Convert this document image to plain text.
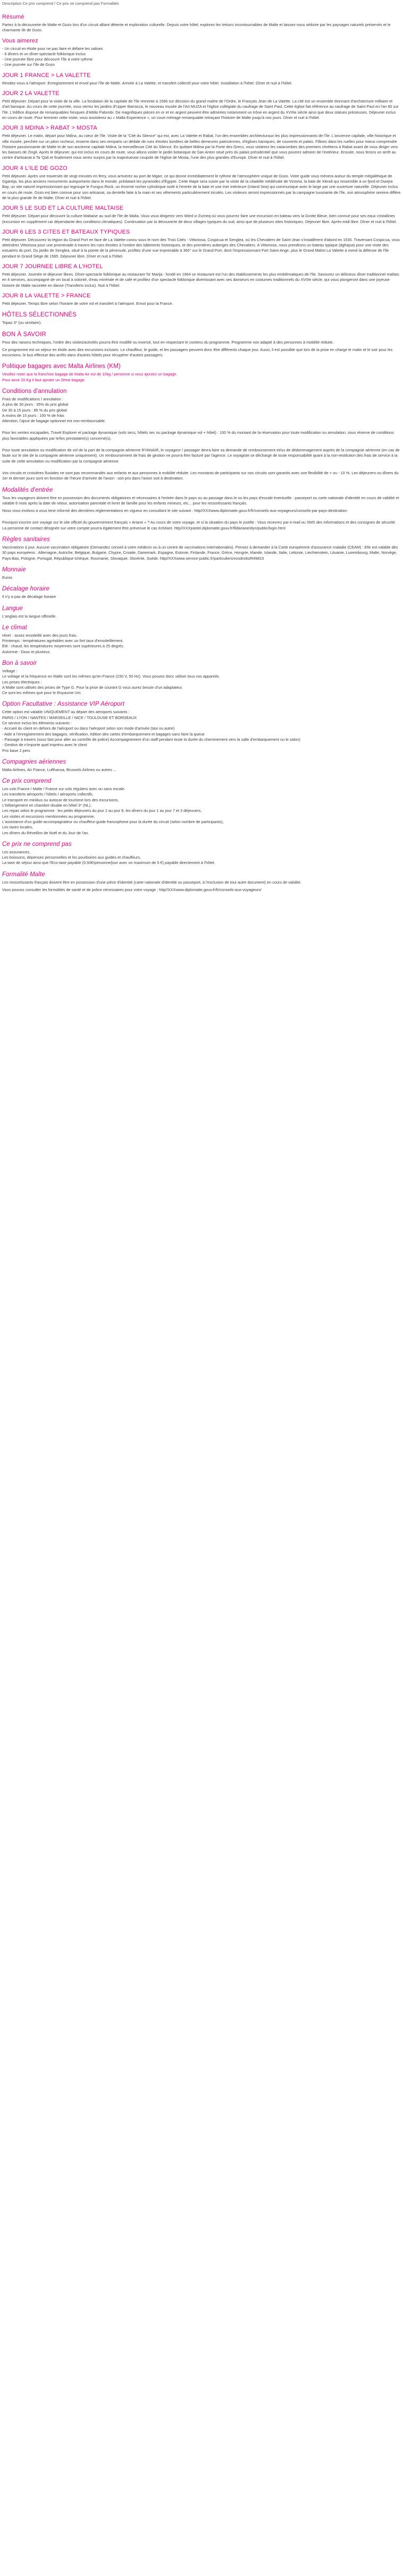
Description Ce prix comprend / Ce prix ne comprend pas Formalités

Résumé

Partez à la découverte de Malte et Gozo lors d'un circuit alliant détente et exploration culturelle. Depuis votre hôtel, explorez les trésors incontournables de Malte et laissez-vous séduire par les paysages naturels préservés et le charmante île de Gozo.

Vous aimerez
- Un circuit en étoile pour ne pas faire et défaire les valises
- 6 dîners et un dîner-spectacle folklorique inclus
- Une journée libre pour découvrir l'île à votre rythme
- Une journée sur l'île de Gozo
JOUR 1 FRANCE > LA VALETTE

Rendez-vous à l'aéroport. Enregistrement et envol pour l'île de Malte. Arrivée à La Valette, et transfert collectif pour votre hôtel. Installation à l'hôtel. Dîner et nuit à l'hôtel.

JOUR 2 LA VALETTE

Petit déjeuner. Départ pour la visite de la ville. La fondation de la capitale de l'île remonte à 1566 sur décision du grand maître de l'Ordre, le Français Jean de La Valette. La cité est un ensemble étonnant d'architecture militaire et d'art baroque. Au cours de cette journée, vous verrez les jardins d'Upper Barracca, le nouveau musée de l'Art MUZA et l'église collégiale du naufrage de Saint Paul. Cette église fait référence au naufrage de Saint Paul en l'an 60 sur l'île. L'édifice dispose de remarquables fresques d'Attilio Palombi. De magnifiques pièces en or et en argent peuvent être admirées notamment un trône en argent du XVIIIe siècle ainsi que deux statues précieuses. Déjeuner inclus en cours de route. Pour terminer cette visite, vous assisterez au « Malta Experience », un court métrage remarquable retraçant l'histoire de Malte jusqu'à nos jours. Dîner et nuit à l'hôtel.

JOUR 3 MDINA > RABAT > MOSTA

Petit déjeuner. Le matin, départ pour Mdina, au cœur de l'île. Visite de la "Cité du Silence" qui est, avec La Valette et Rabat, l'un des ensembles architecturaux les plus impressionnants de l'île. L'ancienne capitale, ville historique et ville musée, perchée sur un piton rocheux, enserre dans ses remparts un dédale de rues étroites bordées de belles demeures patriciennes, d'églises baroques, de couvents et palais. Flânez dans les ruelles pour mieux comprendre l'histoire passionnante de Malte et de son ancienne capitale Mdina, la merveilleuse Cité du Silence. En quittant Mdina par la Porte des Grecs, vous visiterez les catacombes des premiers chrétiens à Rabat avant de vous diriger vers les baisses de Zingli. Après le déjeuner, qui est inclus en cours de route, vous allons visiter le jardin botanique de San Anton situé près du palais présidentiel que vous pourrez admirer de l'extérieur. Ensuite, nous ferons un arrêt au centre d'artisanat à Ta 'Qali et finalement nous serez surpris par la majestueuse coupole de l'église de Mosta, l'une des plus grandes d'Europe. Dîner et nuit à l'hôtel.

JOUR 4 L'ILE DE GOZO

Petit déjeuner. Après une traversée de vingt minutes en ferry, vous arriverez au port de Mgarr, ce qui donne immédiatement le rythme de l'atmosphère unique de Gozo. Votre guide vous mènera autour du temple mégalithique de Ggantija, les plus anciens monuments autoportants dans le monde, prédatant les pyramides d'Égypte. Cette étape sera suivie par la visite de la citadelle médiévale de Victoria, la baie de Xlendi qui ressemble à un fjord et Dwejra Bay, un site naturel impressionnant qui regroupe le Fungus Rock, un énorme rocher cylindrique isolé à l'entrée de la baie et une mer intérieure (Inland Sea) qui communique avec le large par une ouverture naturelle. Déjeuner inclus en cours de route. Gozo est bien connue pour son artisanat, sa dentelle faite à la main et ses vêtements particulièrement tricotés. Les visiteurs seront impressionnés par la campagne luxuriante de l'île, son atmosphère sereine différe de la plus grande île de Malte. Dîner et nuit à l'hôtel.

JOUR 5 LE SUD ET LA CULTURE MALTAISE

Petit déjeuner. Départ pour découvrir la culture Maltaise au sud de l'île de Malta. Vous vous dirigerez vers Wied iz-Zurrieq où vous pourrez faire une excursion en bateau vers la Grotte Bleue, bien connue pour ses eaux cristallines (excursion en supplément car dépendante des conditions climatiques). Continuation par la découverte de deux villages typiques du sud, ainsi que de plusieurs sites historiques. Déjeuner libre. Après-midi libre. Dîner et nuit à l'hôtel.

JOUR 6 LES 3 CITES ET BATEAUX TYPIQUES

Petit déjeuner. Découvrez la région du Grand Port en face de La Valette connu sous le nom des Trois Cités - Vittoriosa, Cospicua et Senglea, où les Chevaliers de Saint-Jean s'installèrent d'abord en 1530. Traversant Cospicua, vous atteindrez Vittoriosa pour une promenade à travers les rues étroites à l'ombre des bâtiments historiques, et des premières auberges des Chevaliers. A Vittoriosa, nous prendrons un bateau typique (dghajsa) pour une visite des estuaires du port. Du jardin de Senglea, situé à la pointe de la péninsule, profitez d'une vue imprenable à 360° sur le Grand Port, dont l'impressionnant Fort Saint-Ange, plus le Grand Malmi La Valette à mené la défense de l'île pendant le Grand Siège de 1565. Déjeuner libre. Dîner et nuit à l'hôtel.

JOUR 7 JOURNEE LIBRE A L'HOTEL

Petit déjeuner. Journée et déjeuner libres. Dîner-spectacle folklorique au restaurant Ta' Marija - fondé en 1964 ce restaurant est l'un des établissements les plus emblématiques de l'île. Savourez un délicieux dîner traditionnel maltais en 4 services, accompagné de vin local à volonté, d'eau minérale et de café et profitez d'un spectacle folklorique divertissant avec ses danseurs en costumes traditionnels du XVIIIe siècle, qui vous plongeront dans une joyeuse histoire de Malte racontée en danse (Transferts inclus). Nuit à l'hôtel.

JOUR 8 LA VALETTE > FRANCE

Petit déjeuner. Temps libre selon l'horaire de votre vol et transfert à l'aéroport. Envol pour la France.

HÔTELS SÉLECTIONNÉS

Topaz 3* (ou similaire).

BON À SAVOIR

Pour des raisons techniques, l'ordre des visites/activités pourra être modifié ou inversé, tout en respectant le contenu du programme. Programme non adapté à des personnes à mobilité réduite.

Ce programme est un séjour en étoile avec des excursions incluses. Le chauffeur, le guide, et les passagers peuvent donc être différents chaque jour. Aussi, il est possible que lors de la prise en charge le matin et le soir pour les excursions, le bus effectue des arrêts dans d'autres hôtels pour récupérer d'autres passagers.

Politique bagages avec Malta Airlines (KM)

Veuillez noter que la franchise bagage de Malta Air est de 10kg / personne si vous ajoutez un bagage.

Pour avoir 20 Kg il faut ajouter un 2ème bagage.

Conditions d'annulation

Frais de modifications / annulation :

A plus de 30 jours : 35% du prix global

De 30 à 15 jours : 85 % du prix global

A moins de 15 jours : 100 % de frais

Attention, l'ajout de bagage optionnel est non-remboursable.

Pour les ventes escapades, Travel Explorer et package dynamique (vols secs, hôtels sec ou package dynamique vol + hôtel) : 100 % du montant de la réservation pour toute modification ou annulation, sous réserve de conditions plus favorables appliquées par le/les prestataire(s) concerné(s).

Pour toute annulation ou modification de vol de la part de la compagnie aérienne RYANAIR, le voyageur / passager devra faire sa demande de remboursement et/ou de dédommagement auprès de la compagnie aérienne (en cas de faute sur le site de la compagnie aérienne uniquement). Un remboursement de frais de gestion ne pourra être facturé par l'agence. Le voyagiste se décharge de toute responsabilité quant à la non-restitution des frais de service à la suite de cette annulation ou modification par la compagnie aérienne.

Vos circuits et croisières fluviales ne sont pas recommandés aux enfants et aux personnes à mobilité réduite. Les montants de participants sur nos circuits sont garantis avec une flexibilité de + ou - 10 %. Les déjeuners ou dîners du 1er et dernier jours sont en fonction de l'heure d'arrivée de l'avion : soit pris dans l'avion soit à destination.

Modalités d'entrée

Tous les voyageurs doivent être en possession des documents obligatoires et nécessaires à l'entrée dans le pays ou au passage dans le ou les pays d'escale éventuelle : passeport ou carte nationale d'identité en cours de validité et valable 6 mois après la date de retour, autorisation parentale et livret de famille pour les enfants mineurs, etc... pour les ressortissants français.

Nous vous invitons à vous tenir informé des dernières réglementations en vigueur en consultant le site suivant : http//XXXwww.diplomatie.gouv.fr/fr/conseils-aux-voyageurs/conseils-par-pays-destination

Pourquoi inscrire son voyage sur le site officiel du gouvernement français « Ariane » ? Au cours de votre voyage, et si la situation du pays le justifie : Vous recevrez par e-mail ou SMS des informations et des consignes de sécurité. La personne de contact désignée sur votre compte pourra également être prévenue le cas échéant. http//XXXpastel.diplomatie.gouv.fr/fildariane/dyn/public/login.html

Règles sanitaires

Vaccinations à jour. Aucune vaccination obligatoire (Demandez conseil à votre médecin ou à un centre de vaccinations internationales). Pensez à demander à la Carte européenne d'assurance maladie (CEAM) : Elle est valable dès 30 pays européens : Allemagne, Autriche, Belgique, Bulgarie, Chypre, Croatie, Danemark, Espagne, Estonie, Finlande, France, Grèce, Hongrie, Irlande, Islande, Italie, Lettonie, Liechtenstein, Lituanie, Luxembourg, Malte, Norvège, Pays-Bas, Pologne, Portugal, République tchèque, Roumanie, Slovaquie, Slovénie, Suède. http//XXXwww.service-public.fr/particuliers/vosdroits/R49815

Monnaie

Euros

Décalage horaire

Il n'y a pas de décalage horaire

Langue

L'anglais est la langue officielle.

Le climat

Hiver : assez ensoleillé avec des jours frais.

Printemps : températures agréables avec un fort taux d'ensoleillement.

Eté : chaud, les températures moyennes sont supérieures à 25 degrés.

Automne : Doux et pluvieux.

Bon à savoir

Voltage :

Le voltage et la fréquence en Malte sont les mêmes qu'en France (230 V, 50 Hz). Vous pouvez donc utiliser tous vos appareils.

Les prises électriques :

A Malte sont utilisés des prises de Type G. Pour la prise de courant G vous aurez besoin d'un adaptateur.

Ce sont les mêmes que pour le Royaume Uni.

Option Facultative : Assistance VIP Aéroport

Cette option est valable UNIQUEMENT au départ des aéroports suivants :

PARIS / LYON / NANTES / MARSEILLE / NICE / TOULOUSE ET BORDEAUX

Ce service inclus les éléments suivants :

- Accueil du client en dehors de l'aéroport ou dans l'aéroport selon son mode d'arrivée (taxi ou autre)

- Aide à l'enregistrement des bagages, vérification, édition des cartes d'embarquement et bagages sans faire la queue

- Passage à travers (sous fast pour aller au contrôle de police) Accompagnement d'un staff pendant toute la durée du cheminement vers la salle d'embarquement ou le salon)

- Gestion de n'importe quel imprévu avec le client

Prix base 2 pers

Compagnies aériennes

Malta Airlines, Air France, Lufthansa, Brussels Airlines ou autres ...

Ce prix comprend

Les vols France / Malte / France sur vols réguliers avec ou sans escale.

Les transferts aéroports / hôtels / aéroports collectifs,

Le transport en minibus ou autocar de tourisme lors des excursions,

L'hébergement en chambre double en hôtel 3* (NL),

Les repas selon le programme : les petits déjeuners du jour 2 au jour 8, les dîners du jour 1 au jour 7 et 3 déjeuners,

Les visites et excursions mentionnées au programme,

L'assistance d'un guide-accompagnateur ou chauffeur-guide francophone pour la durée du circuit (selon nombre de participants),

Les taxes locales,

Les dîners du Réveillon de Noël et du Jour de l'an.

Ce prix ne comprend pas

Les assurances,

Les boissons, dépenses personnelles et les pourboires aux guides et chauffeurs,

La taxe de séjour ainsi que l'Eco-taxe payable (0.50€/personne/jour avec un maximum de 5 €) payable directement à l'hôtel.

Formalité Malte

Les ressortissants français doivent être en possession d'une pièce d'identité (carte nationale d'identité ou passeport, à l'exclusion de tout autre document) en cours de validité.

Vous pouvez consulter les formalités de santé et de police nécessaires pour votre voyage : http//XXXwww.diplomatie.gouv.fr/fr/conseils-aux-voyageurs/
